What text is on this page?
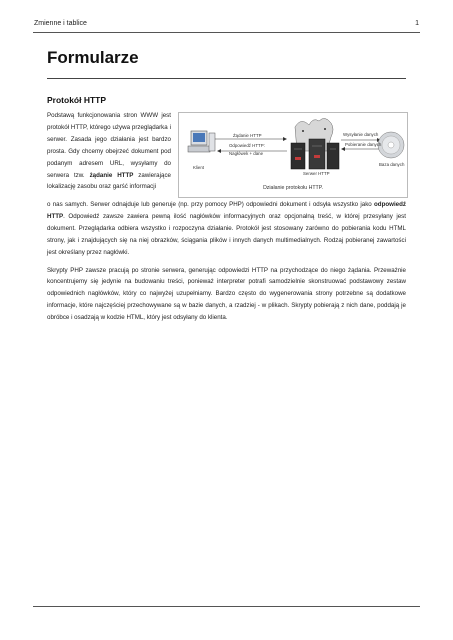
Zmienne i tablice	1
Formularze
Protokół HTTP
Podstawą funkcjonowania stron WWW jest protokół HTTP, którego używa przeglądarka i serwer. Zasada jego działania jest bardzo prosta. Gdy chcemy obejrzeć dokument pod podanym adresem URL, wysyłamy do serwera tzw. żądanie HTTP zawierające lokalizację zasobu oraz garść informacji
Żądanie HTTP
Odpowiedź HTTP:
Nagłówek + dane
Klient
Serwer HTTP
Wysyłanie danych
Pobieranie danych
Baza danych
Działanie protokołu HTTP.

o nas samych. Serwer odnajduje lub generuje (np. przy pomocy PHP) odpowiedni dokument i odsyła wszystko jako odpowiedź HTTP. Odpowiedź zawsze zawiera pewną ilość nagłówków informacyjnych oraz opcjonalną treść, w której przesyłany jest dokument. Przeglądarka odbiera wszystko i rozpoczyna działanie. Protokół jest stosowany zarówno do pobierania kodu HTML strony, jak i znajdujących się na niej obrazków, ściągania plików i innych danych multimedialnych. Rodzaj pobieranej zawartości jest określany przez nagłówki.

Skrypty PHP zawsze pracują po stronie serwera, generując odpowiedzi HTTP na przychodzące do niego żądania. Przeważnie koncentrujemy się jedynie na budowaniu treści, ponieważ interpreter potrafi samodzielnie skonstruować podstawowy zestaw odpowiednich nagłówków, który co najwyżej uzupełniamy. Bardzo często do wygenerowania strony potrzebne są dodatkowe informacje, które najczęściej przechowywane są w bazie danych, a rzadziej - w plikach. Skrypty pobierają z nich dane, poddają je obróbce i osadzają w kodzie HTML, który jest odsyłany do klienta.
